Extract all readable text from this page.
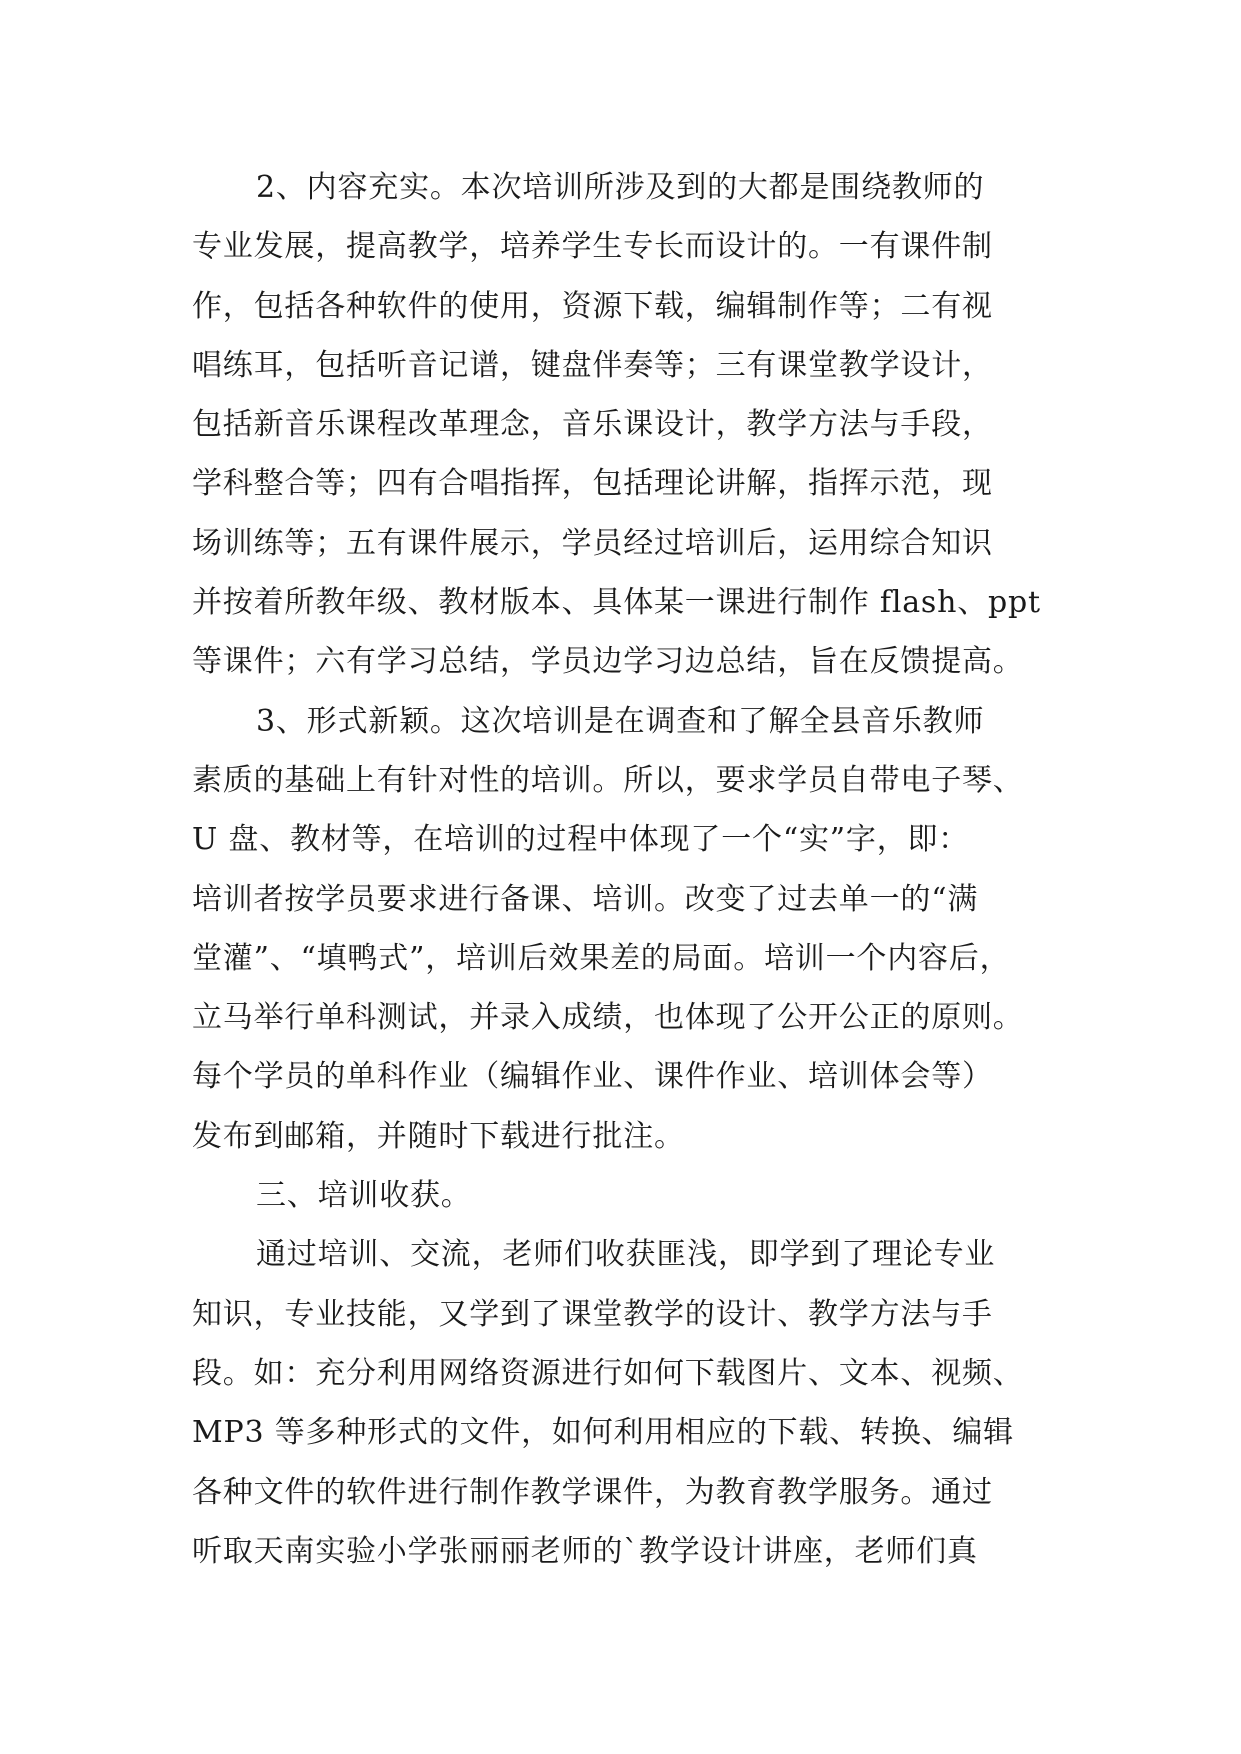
2、内容充实。本次培训所涉及到的大都是围绕教师的
专业发展，提高教学，培养学生专长而设计的。一有课件制
作，包括各种软件的使用，资源下载，编辑制作等；二有视
唱练耳，包括听音记谱，键盘伴奏等；三有课堂教学设计，
包括新音乐课程改革理念，音乐课设计，教学方法与手段，
学科整合等；四有合唱指挥，包括理论讲解，指挥示范，现
场训练等；五有课件展示，学员经过培训后，运用综合知识
并按着所教年级、教材版本、具体某一课进行制作 flash、ppt
等课件；六有学习总结，学员边学习边总结，旨在反馈提高。
3、形式新颖。这次培训是在调查和了解全县音乐教师
素质的基础上有针对性的培训。所以，要求学员自带电子琴、
U 盘、教材等，在培训的过程中体现了一个“实”字，即：
培训者按学员要求进行备课、培训。改变了过去单一的“满
堂灌”、“填鸭式”，培训后效果差的局面。培训一个内容后，
立马举行单科测试，并录入成绩，也体现了公开公正的原则。
每个学员的单科作业（编辑作业、课件作业、培训体会等）
发布到邮箱，并随时下载进行批注。
三、培训收获。
通过培训、交流，老师们收获匪浅，即学到了理论专业
知识，专业技能，又学到了课堂教学的设计、教学方法与手
段。如：充分利用网络资源进行如何下载图片、文本、视频、
MP3 等多种形式的文件，如何利用相应的下载、转换、编辑
各种文件的软件进行制作教学课件，为教育教学服务。通过
听取天南实验小学张丽丽老师的`教学设计讲座，老师们真
